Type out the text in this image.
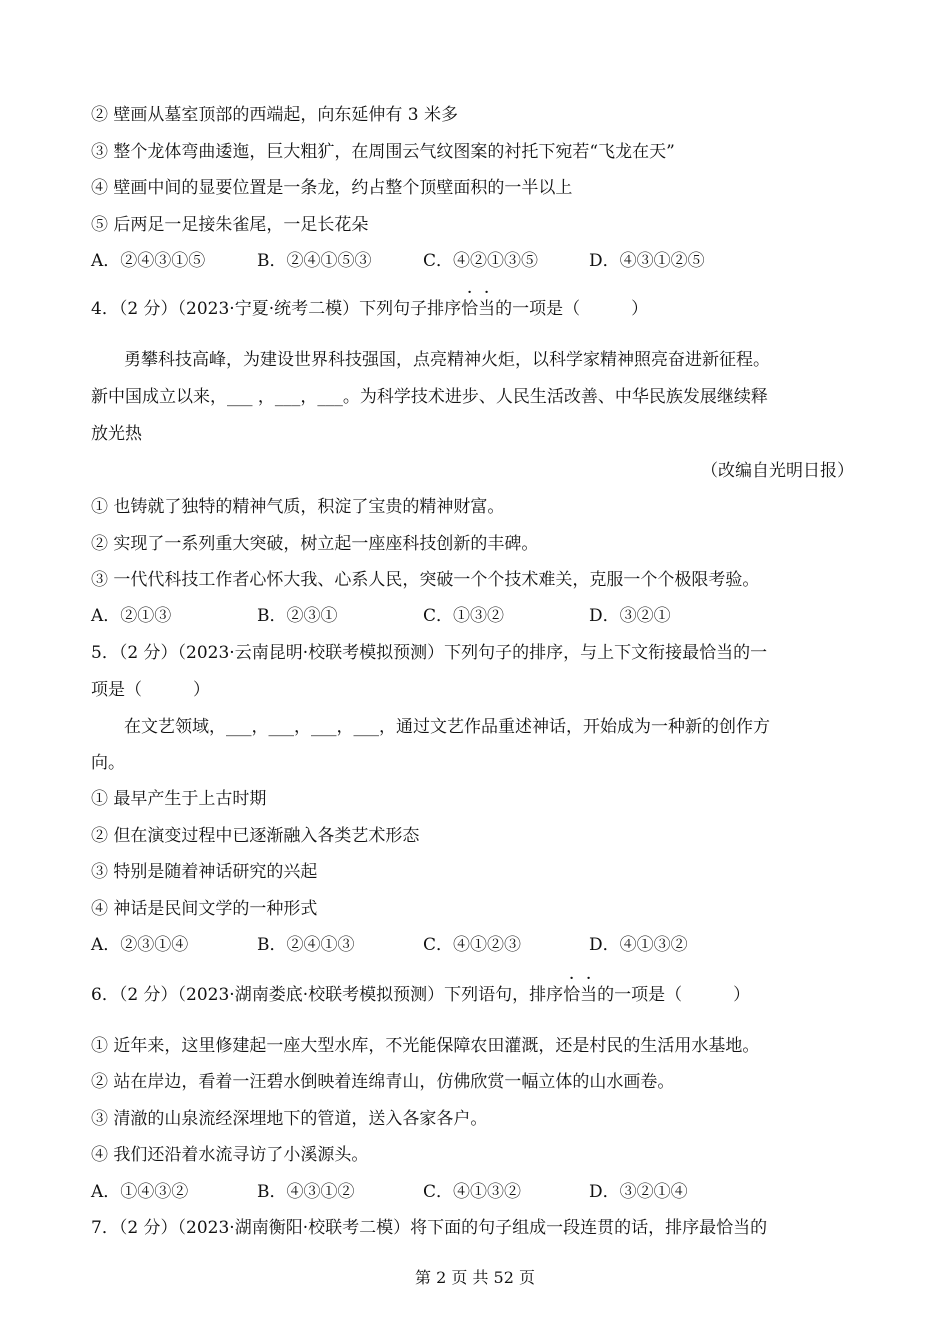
② 壁画从墓室顶部的西端起，向东延伸有 3 米多
③ 整个龙体弯曲逶迤，巨大粗犷，在周围云气纹图案的衬托下宛若“飞龙在天”
④ 壁画中间的显要位置是一条龙，约占整个顶壁面积的一半以上
⑤ 后两足一足接朱雀尾，一足长花朵
A．②④③①⑤	B．②④①⑤③	C．④②①③⑤	D．④③①②⑤
4．（2 分）（2023·宁夏·统考二模）下列句子排序恰当的一项是（　　　）
勇攀科技高峰，为建设世界科技强国，点亮精神火炬，以科学家精神照亮奋进新征程。
新中国成立以来，___ ，___，___。为科学技术进步、人民生活改善、中华民族发展继续释
放光热
（改编自光明日报）
① 也铸就了独特的精神气质，积淀了宝贵的精神财富。
② 实现了一系列重大突破，树立起一座座科技创新的丰碑。
③ 一代代科技工作者心怀大我、心系人民，突破一个个技术难关，克服一个个极限考验。
A．②①③	B．②③①	C．①③②	D．③②①
5．（2 分）（2023·云南昆明·校联考模拟预测）下列句子的排序，与上下文衔接最恰当的一
项是（　　　）
在文艺领域，___，___，___，___，通过文艺作品重述神话，开始成为一种新的创作方
向。
① 最早产生于上古时期
② 但在演变过程中已逐渐融入各类艺术形态
③ 特别是随着神话研究的兴起
④ 神话是民间文学的一种形式
A．②③①④	B．②④①③	C．④①②③	D．④①③②
6．（2 分）（2023·湖南娄底·校联考模拟预测）下列语句，排序恰当的一项是（　　　）
① 近年来，这里修建起一座大型水库，不光能保障农田灌溉，还是村民的生活用水基地。
② 站在岸边，看着一汪碧水倒映着连绵青山，仿佛欣赏一幅立体的山水画卷。
③ 清澈的山泉流经深埋地下的管道，送入各家各户。
④ 我们还沿着水流寻访了小溪源头。
A．①④③②	B．④③①②	C．④①③②	D．③②①④
7．（2 分）（2023·湖南衡阳·校联考二模）将下面的句子组成一段连贯的话，排序最恰当的
第 2 页 共 52 页
